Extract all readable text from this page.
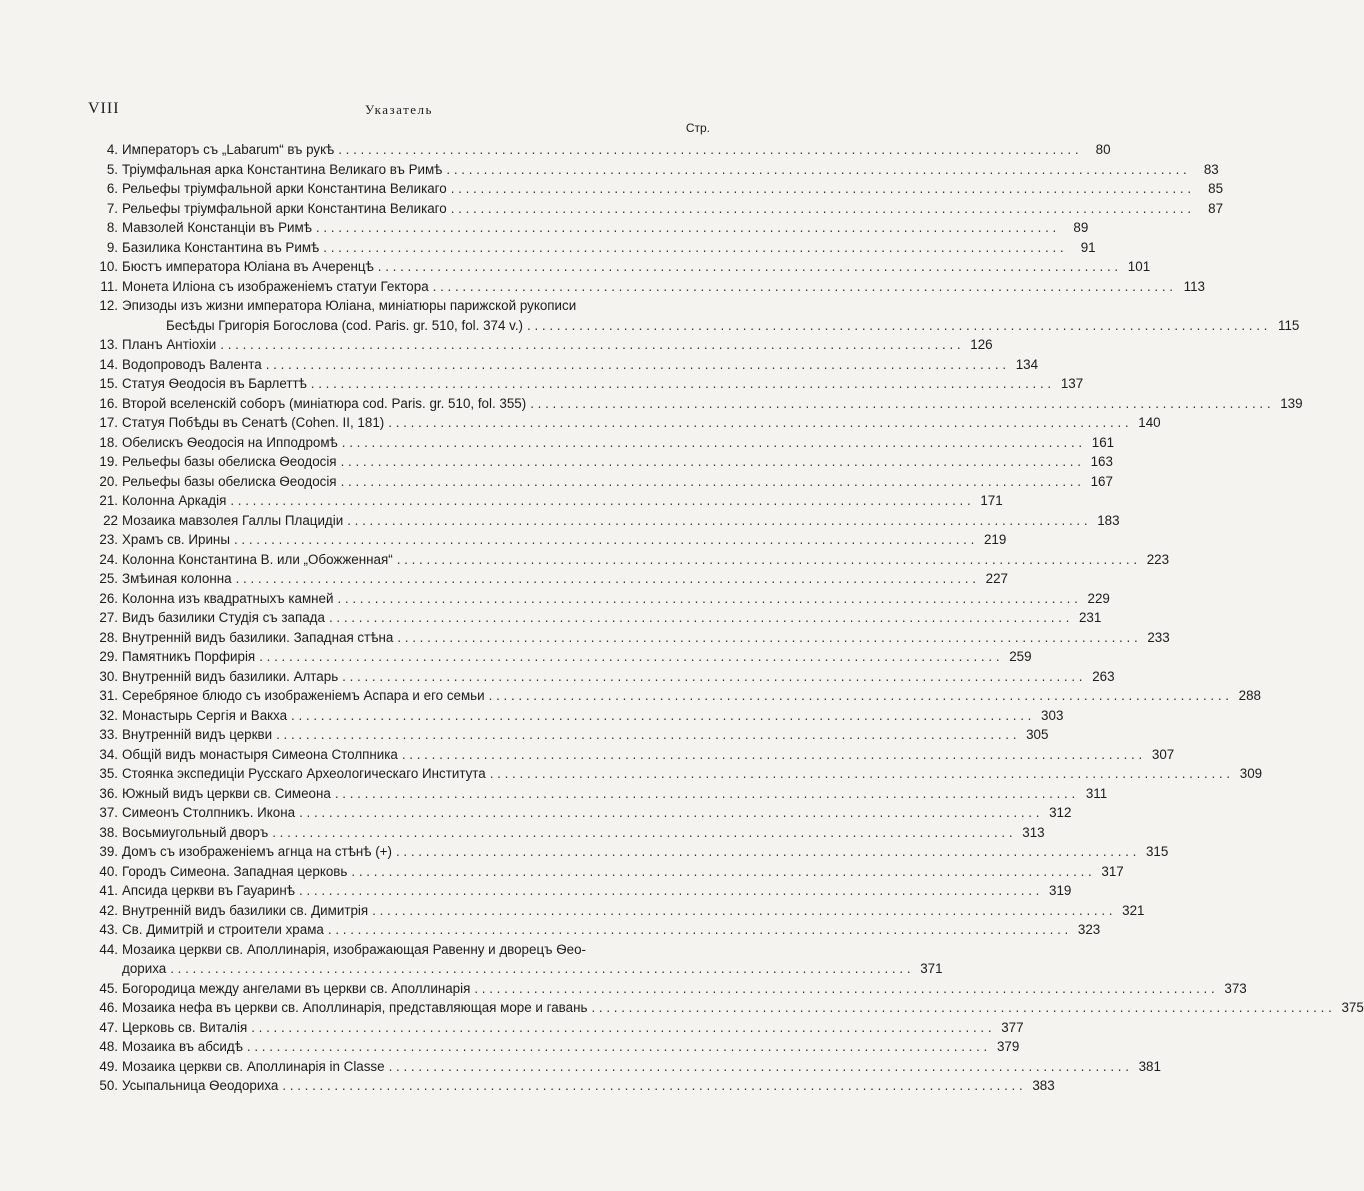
VIII	Указатель
Стр.
4. Императоръ съ „Labarum“ въ рукѣ . . .	80
5. Тріумфальная арка Константина Великаго въ Римѣ . . .	83
6. Рельефы тріумфальной арки Константина Великаго . . .	85
7. Рельефы тріумфальной арки Константина Великаго . . .	87
8. Мавзолей Констанціи въ Римѣ . . .	89
9. Базилика Константина въ Римѣ . . .	91
10. Бюстъ императора Юліана въ Ачеренцѣ . . .	101
11. Монета Иліона съ изображеніемъ статуи Гектора . . .	113
12. Эпизоды изъ жизни императора Юліана, миніатюры парижской рукописи
Бесѣды Григорія Богослова (cod. Paris. gr. 510, fol. 374 v.) . . .	115
13. Планъ Антіохіи . . .	126
14. Водопроводъ Валента . . .	134
15. Статуя Ѳеодосія въ Барлеттѣ . . .	137
16. Второй вселенскій соборъ (миніатюра cod. Paris. gr. 510, fol. 355) . . .	139
17. Статуя Побѣды въ Сенатѣ (Cohen. II, 181) . . .	140
18. Обелискъ Ѳеодосія на Ипподромѣ . . .	161
19. Рельефы базы обелиска Ѳеодосія . . .	163
20. Рельефы базы обелиска Ѳеодосія . . .	167
21. Колонна Аркадія . . .	171
22 Мозаика мавзолея Галлы Плацидіи . . .	183
23. Храмъ св. Ирины . . .	219
24. Колонна Константина В. или „Обожженная“ . . .	223
25. Змѣиная колонна . . .	227
26. Колонна изъ квадратныхъ камней . . .	229
27. Видъ базилики Студія съ запада . . .	231
28. Внутренній видъ базилики. Западная стѣна . . .	233
29. Памятникъ Порфирія . . .	259
30. Внутренній видъ базилики. Алтарь . . .	263
31. Серебряное блюдо съ изображеніемъ Аспара и его семьи . . .	288
32. Монастырь Сергія и Вакха . . .	303
33. Внутренній видъ церкви . . .	305
34. Общій видъ монастыря Симеона Столпника . . .	307
35. Стоянка экспедиціи Русскаго Археологическаго Института . . .	309
36. Южный видъ церкви св. Симеона . . .	311
37. Симеонъ Столпникъ. Икона . . .	312
38. Восьмиугольный дворъ . . .	313
39. Домъ съ изображеніемъ агнца на стѣнѣ (+) . . .	315
40. Городъ Симеона. Западная церковь . . .	317
41. Апсида церкви въ Гауаринѣ . . .	319
42. Внутренній видъ базилики св. Димитрія . . .	321
43. Св. Димитрій и строители храма . . .	323
44. Мозаика церкви св. Аполлинарія, изображающая Равенну и дворецъ Ѳео-
дориха . . .	371
45. Богородица между ангелами въ церкви св. Аполлинарія . . .	373
46. Мозаика нефа въ церкви св. Аполлинарія, представляющая море и гавань . . .	375
47. Церковь св. Виталія . . .	377
48. Мозаика въ абсидѣ . . .	379
49. Мозаика церкви св. Аполлинарія in Classe . . .	381
50. Усыпальница Ѳеодориха . . .	383
